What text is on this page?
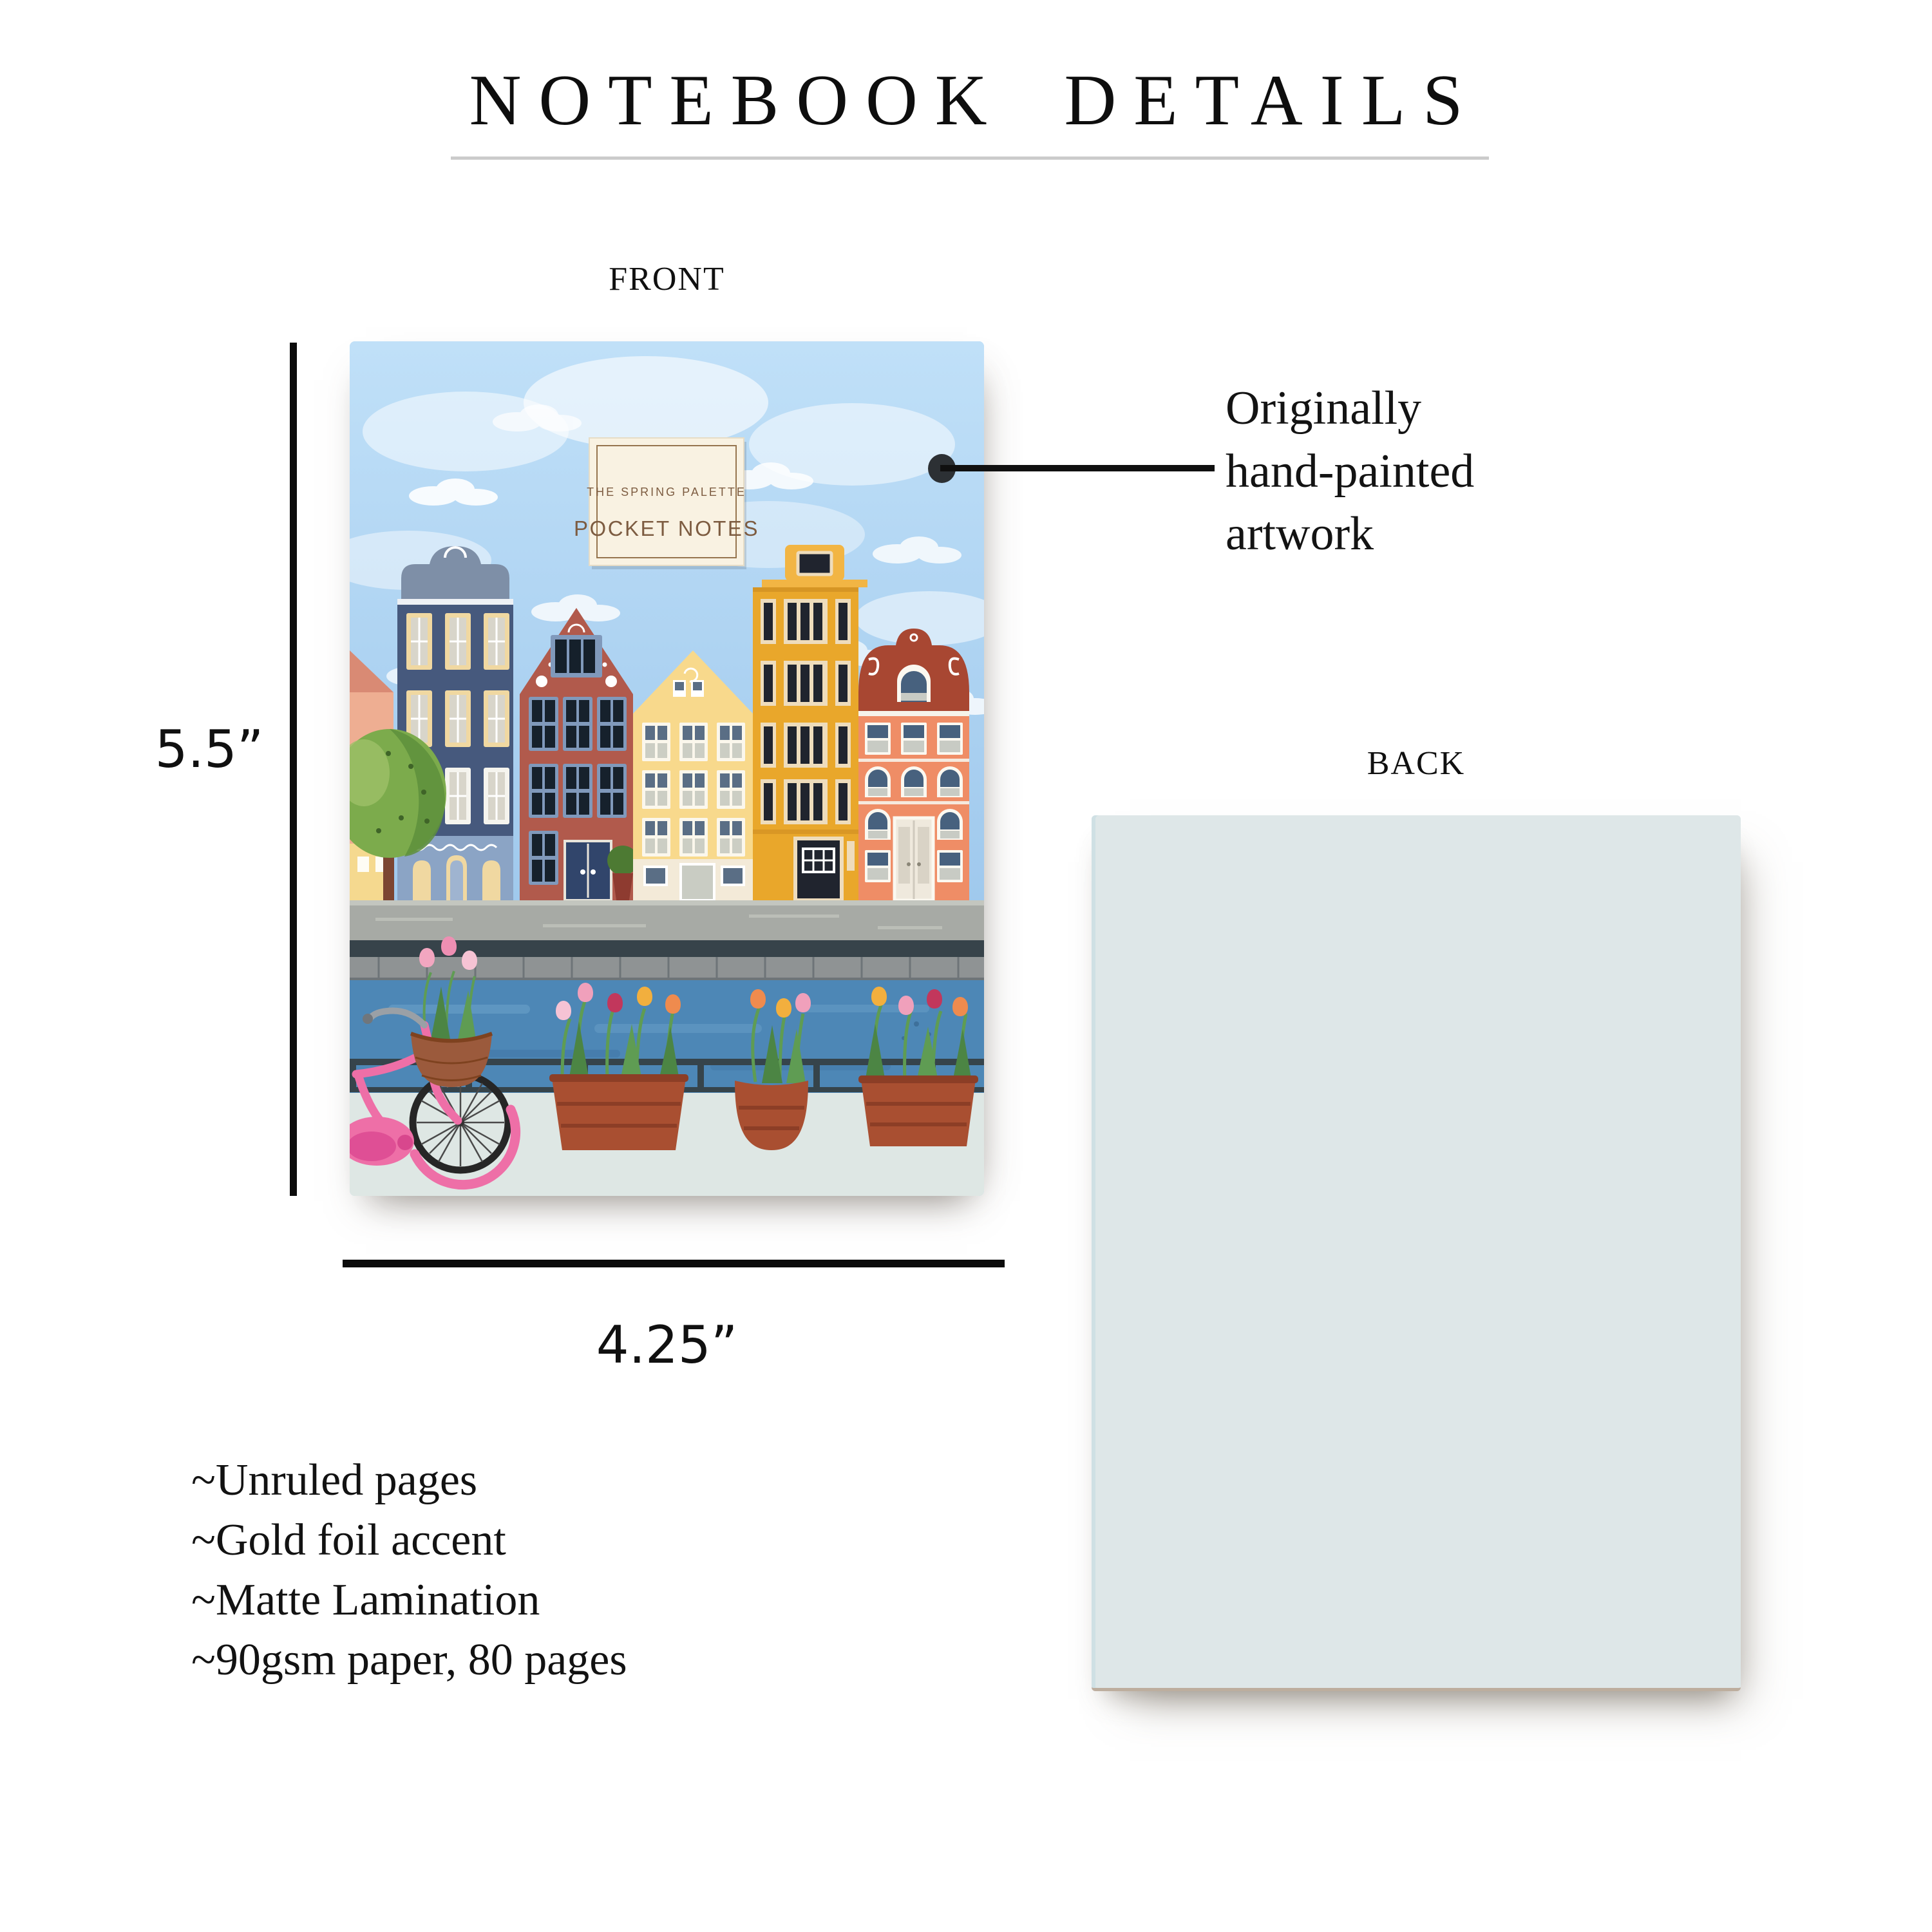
NOTEBOOK DETAILS
FRONT
THE SPRING PALETTE
POCKET NOTES
5.5”
4.25”
Originally
hand-painted
artwork
BACK
~Unruled pages
~Gold foil accent
~Matte Lamination
~90gsm paper, 80 pages
